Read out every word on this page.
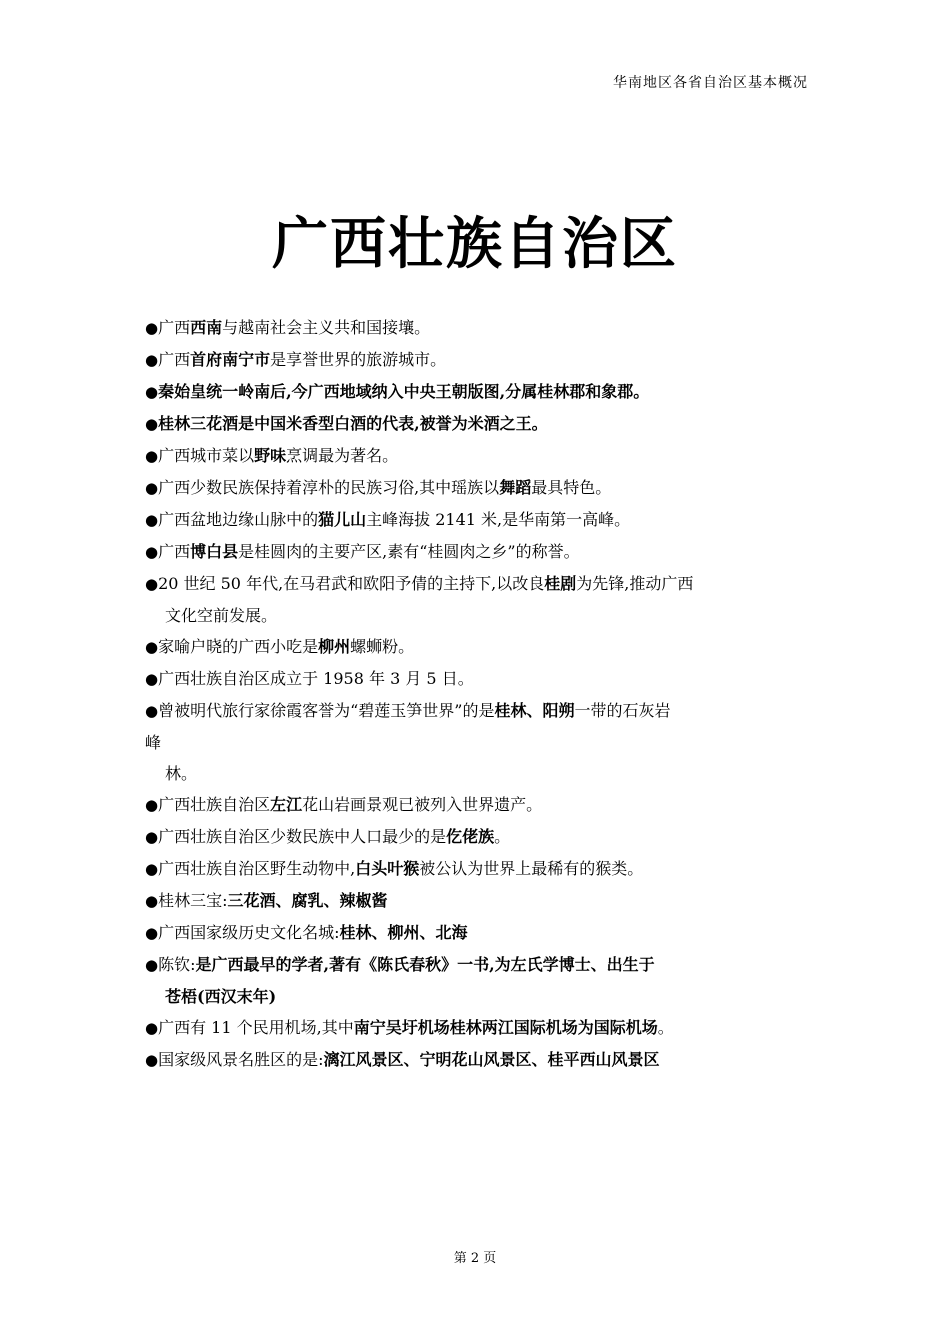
华南地区各省自治区基本概况
广西壮族自治区
●广西西南与越南社会主义共和国接壤。
●广西首府南宁市是享誉世界的旅游城市。
●秦始皇统一岭南后,今广西地域纳入中央王朝版图,分属桂林郡和象郡。
●桂林三花酒是中国米香型白酒的代表,被誉为米酒之王。
●广西城市菜以野味烹调最为著名。
●广西少数民族保持着淳朴的民族习俗,其中瑶族以舞蹈最具特色。
●广西盆地边缘山脉中的猫儿山主峰海拔 2141 米,是华南第一高峰。
●广西博白县是桂圆肉的主要产区,素有“桂圆肉之乡”的称誉。
●20 世纪 50 年代,在马君武和欧阳予倩的主持下,以改良桂剧为先锋,推动广西
文化空前发展。
●家喻户晓的广西小吃是柳州螺蛳粉。
●广西壮族自治区成立于 1958 年 3 月 5 日。
●曾被明代旅行家徐霞客誉为“碧莲玉笋世界”的是桂林、阳朔一带的石灰岩
峰
林。
●广西壮族自治区左江花山岩画景观已被列入世界遗产。
●广西壮族自治区少数民族中人口最少的是仡佬族。
●广西壮族自治区野生动物中,白头叶猴被公认为世界上最稀有的猴类。
●桂林三宝:三花酒、腐乳、辣椒酱
●广西国家级历史文化名城:桂林、柳州、北海
●陈钦:是广西最早的学者,著有《陈氏春秋》一书,为左氏学博士、出生于
苍梧(西汉末年)
●广西有 11 个民用机场,其中南宁吴圩机场桂林两江国际机场为国际机场。
●国家级风景名胜区的是:漓江风景区、宁明花山风景区、桂平西山风景区
第 2 页
